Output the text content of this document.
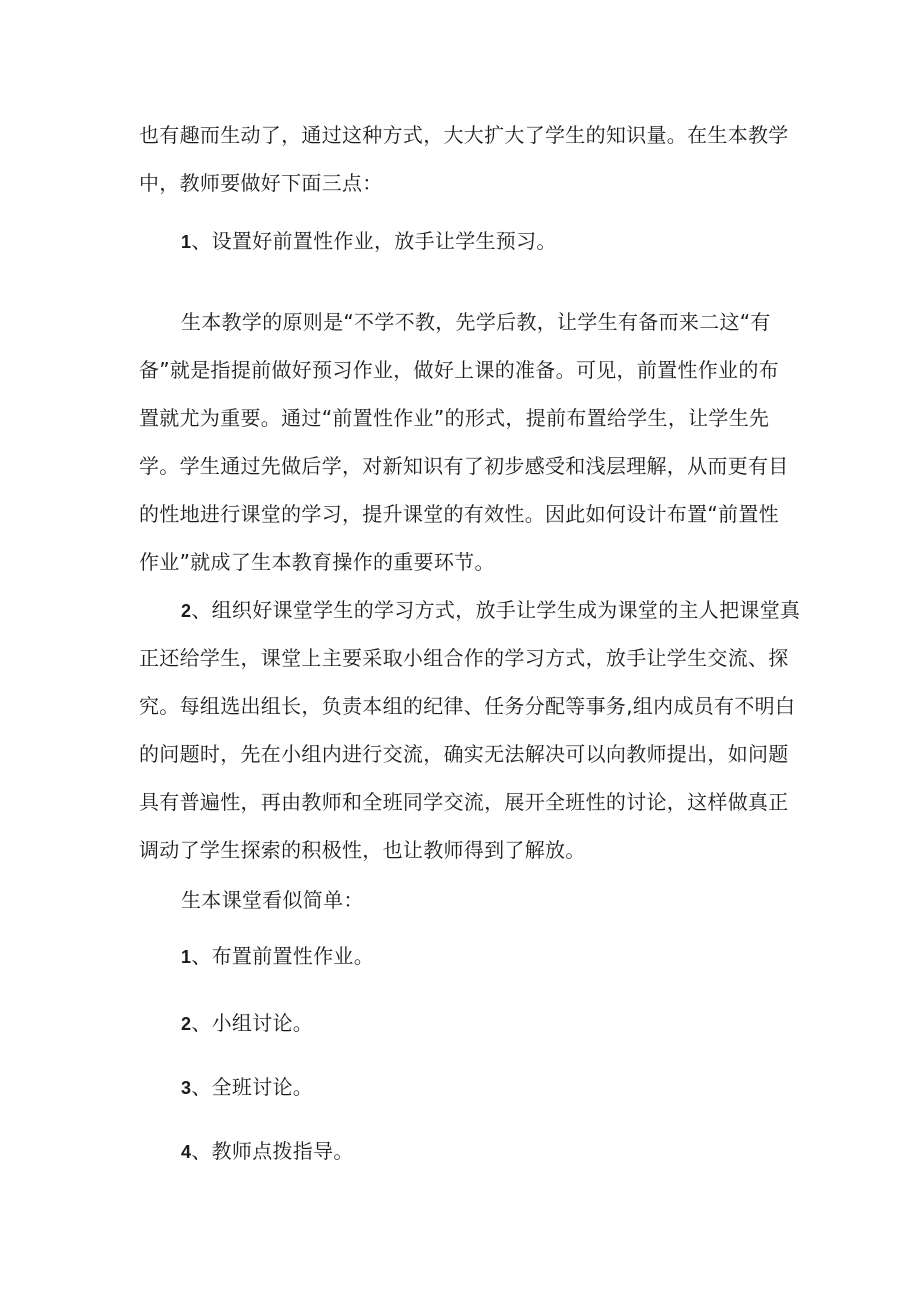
也有趣而生动了，通过这种方式，大大扩大了学生的知识量。在生本教学
中，教师要做好下面三点：
1、设置好前置性作业，放手让学生预习。
生本教学的原则是“不学不教，先学后教，让学生有备而来二这“有
备”就是指提前做好预习作业，做好上课的准备。可见，前置性作业的布
置就尤为重要。通过“前置性作业”的形式，提前布置给学生，让学生先
学。学生通过先做后学，对新知识有了初步感受和浅层理解，从而更有目
的性地进行课堂的学习，提升课堂的有效性。因此如何设计布置“前置性
作业”就成了生本教育操作的重要环节。
2、组织好课堂学生的学习方式，放手让学生成为课堂的主人把课堂真
正还给学生，课堂上主要采取小组合作的学习方式，放手让学生交流、探
究。每组选出组长，负责本组的纪律、任务分配等事务,组内成员有不明白
的问题时，先在小组内进行交流，确实无法解决可以向教师提出，如问题
具有普遍性，再由教师和全班同学交流，展开全班性的讨论，这样做真正
调动了学生探索的积极性，也让教师得到了解放。
生本课堂看似简单：
1、布置前置性作业。
2、小组讨论。
3、全班讨论。
4、教师点拨指导。
